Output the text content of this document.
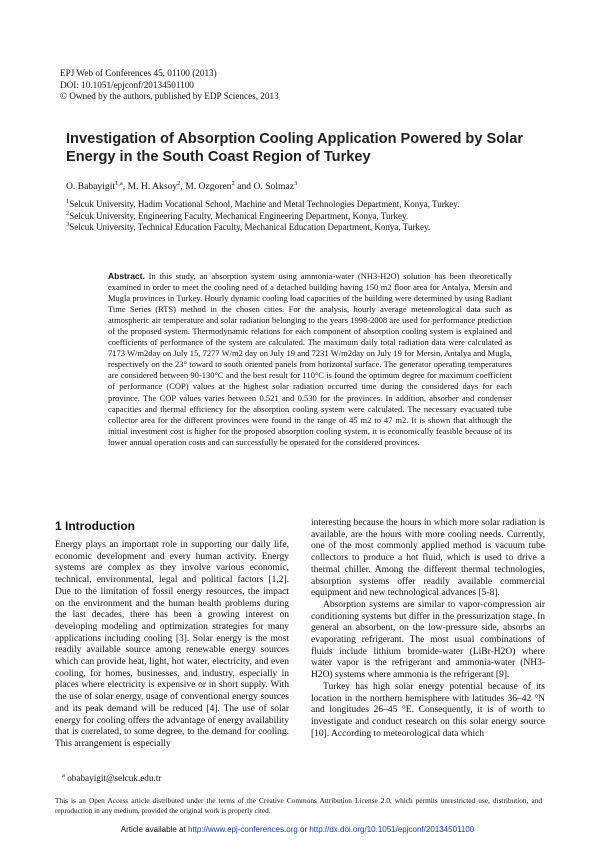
EPJ Web of Conferences 45, 01100 (2013)
DOI: 10.1051/epjconf/20134501100
© Owned by the authors, published by EDP Sciences, 2013
Investigation of Absorption Cooling Application Powered by Solar Energy in the South Coast Region of Turkey
O. Babayigit$^{1,a}$, M. H. Aksoy$^2$, M. Ozgoren$^2$ and O. Solmaz$^3$
$^1$Selcuk University, Hadim Vocational School, Machine and Metal Technologies Department, Konya, Turkey.
$^2$Selcuk University, Engineering Faculty, Mechanical Engineering Department, Konya, Turkey.
$^3$Selcuk University, Technical Education Faculty, Mechanical Education Department, Konya, Turkey.
Abstract. In this study, an absorption system using ammonia-water (NH3-H2O) solution has been theoretically examined in order to meet the cooling need of a detached building having 150 m2 floor area for Antalya, Mersin and Mugla provinces in Turkey. Hourly dynamic cooling load capacities of the building were determined by using Radiant Time Series (RTS) method in the chosen cities. For the analysis, hourly average meteorological data such as atmospheric air temperature and solar radiation belonging to the years 1998-2008 are used for performance prediction of the proposed system. Thermodynamic relations for each component of absorption cooling system is explained and coefficients of performance of the system are calculated. The maximum daily total radiation data were calculated as 7173 W/m2day on July 15, 7277 W/m2 day on July 19 and 7231 W/m2day on July 19 for Mersin, Antalya and Mugla, respectively on the 23° toward to south oriented panels from horizontal surface. The generator operating temperatures are considered between 90-130°C and the best result for 110°C is found the optimum degree for maximum coefficient of performance (COP) values at the highest solar radiation occurred time during the considered days for each province. The COP values varies between 0.521 and 0.530 for the provinces. In addition, absorber and condenser capacities and thermal efficiency for the absorption cooling system were calculated. The necessary evacuated tube collector area for the different provinces were found in the range of 45 m2 to 47 m2. It is shown that although the initial investment cost is higher for the proposed absorption cooling system, it is economically feasible because of its lower annual operation costs and can successfully be operated for the considered provinces.
1 Introduction

Energy plays an important role in supporting our daily life, economic development and every human activity. Energy systems are complex as they involve various economic, technical, environmental, legal and political factors [1,2]. Due to the limitation of fossil energy resources, the impact on the environment and the human health problems during the last decades, there has been a growing interest on developing modeling and optimization strategies for many applications including cooling [3]. Solar energy is the most readily available source among renewable energy sources which can provide heat, light, hot water, electricity, and even cooling, for homes, businesses, and industry, especially in places where electricity is expensive or in short supply. With the use of solar energy, usage of conventional energy sources and its peak demand will be reduced [4]. The use of solar energy for cooling offers the advantage of energy availability that is correlated, to some degree, to the demand for cooling. This arrangement is especially

interesting because the hours in which more solar radiation is available, are the hours with more cooling needs. Currently, one of the most commonly applied method is vacuum tube collectors to produce a hot fluid, which is used to drive a thermal chiller. Among the different thermal technologies, absorption systems offer readily available commercial equipment and new technological advances [5-8].

Absorption systems are similar to vapor-compression air conditioning systems but differ in the pressurization stage. In general an absorbent, on the low-pressure side, absorbs an evaporating refrigerant. The most usual combinations of fluids include lithium bromide-water (LiBr-H2O) where water vapor is the refrigerant and ammonia-water (NH3-H2O) systems where ammonia is the refrigerant [9].

Turkey has high solar energy potential because of its location in the northern hemisphere with latitudes 36–42 °N and longitudes 26–45 °E. Consequently, it is of worth to investigate and conduct research on this solar energy source [10]. According to meteorological data which

$^a$ obabayigit@selcuk.edu.tr
This is an Open Access article distributed under the terms of the Creative Commons Attribution License 2.0, which permits unrestricted use, distribution, and reproduction in any medium, provided the original work is properly cited.
Article available at http://www.epj-conferences.org or http://dx.doi.org/10.1051/epjconf/20134501100
